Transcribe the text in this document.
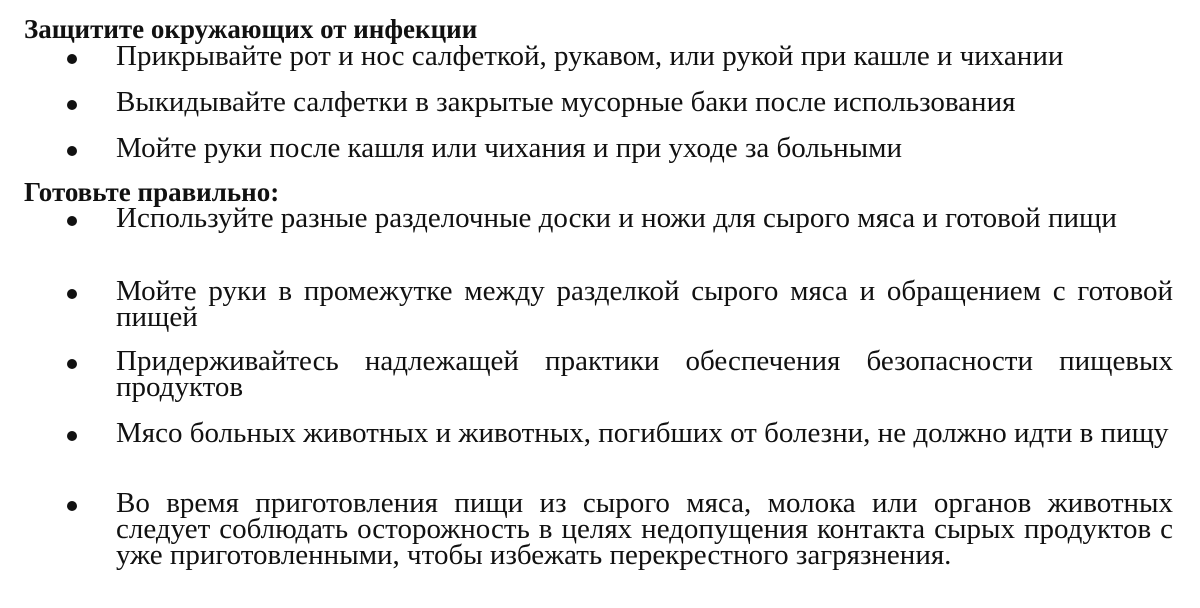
Защитите окружающих от инфекции
Прикрывайте рот и нос салфеткой, рукавом, или рукой при кашле и чихании
Выкидывайте салфетки в закрытые мусорные баки после использования
Мойте руки после кашля или чихания и при уходе за больными
Готовьте правильно:
Используйте разные разделочные доски и ножи для сырого мяса и готовой пищи
Мойте руки в промежутке между разделкой сырого мяса и обращением с готовой пищей
Придерживайтесь надлежащей практики обеспечения безопасности пищевых продуктов
Мясо больных животных и животных, погибших от болезни, не должно идти в пищу
Во время приготовления пищи из сырого мяса, молока или органов животных следует соблюдать осторожность в целях недопущения контакта сырых продуктов с уже приготовленными, чтобы избежать перекрестного загрязнения.
